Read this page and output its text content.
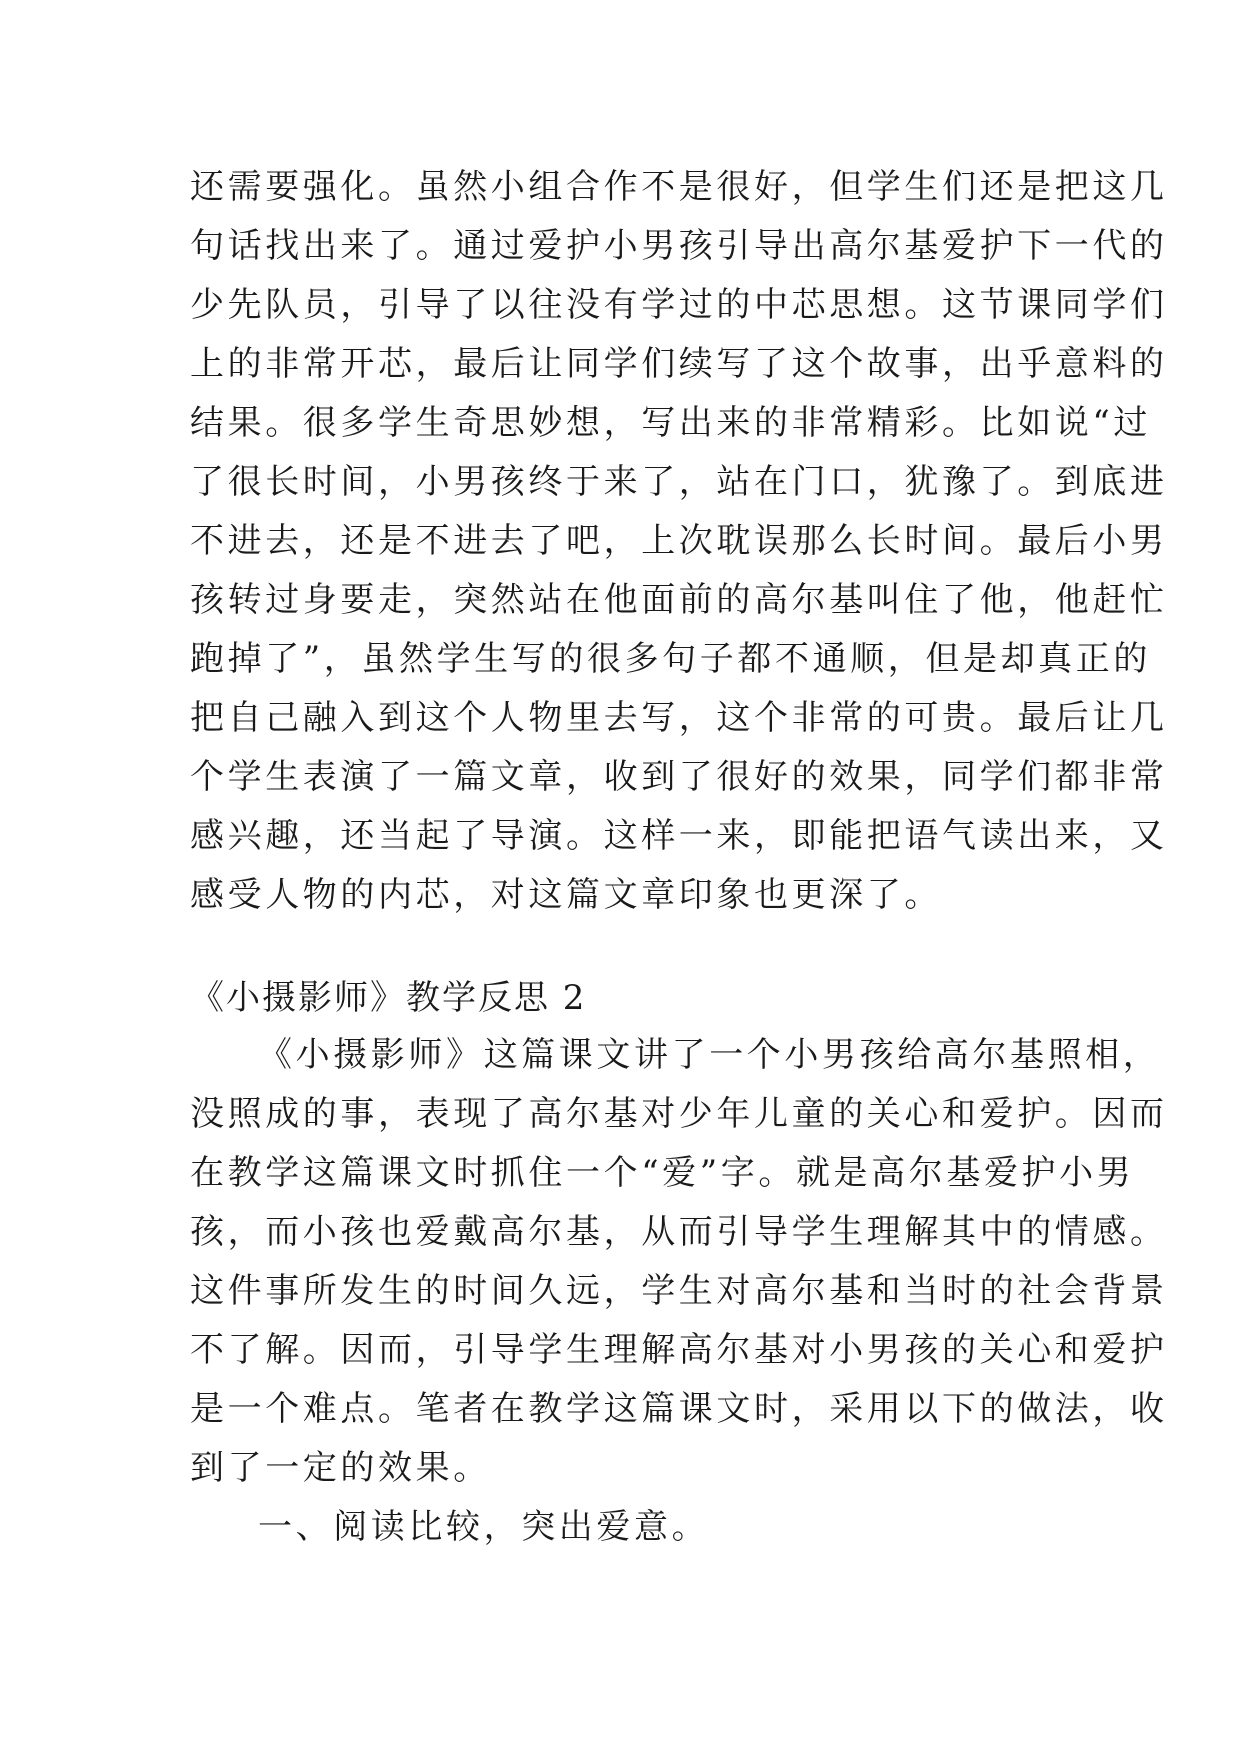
还需要强化。虽然小组合作不是很好，但学生们还是把这几
句话找出来了。通过爱护小男孩引导出高尔基爱护下一代的
少先队员，引导了以往没有学过的中芯思想。这节课同学们
上的非常开芯，最后让同学们续写了这个故事，出乎意料的
结果。很多学生奇思妙想，写出来的非常精彩。比如说“过
了很长时间，小男孩终于来了，站在门口，犹豫了。到底进
不进去，还是不进去了吧，上次耽误那么长时间。最后小男
孩转过身要走，突然站在他面前的高尔基叫住了他，他赶忙
跑掉了”，虽然学生写的很多句子都不通顺，但是却真正的
把自己融入到这个人物里去写，这个非常的可贵。最后让几
个学生表演了一篇文章，收到了很好的效果，同学们都非常
感兴趣，还当起了导演。这样一来，即能把语气读出来，又
感受人物的内芯，对这篇文章印象也更深了。
《小摄影师》教学反思 2
《小摄影师》这篇课文讲了一个小男孩给高尔基照相，
没照成的事，表现了高尔基对少年儿童的关心和爱护。因而
在教学这篇课文时抓住一个“爱”字。就是高尔基爱护小男
孩，而小孩也爱戴高尔基，从而引导学生理解其中的情感。
这件事所发生的时间久远，学生对高尔基和当时的社会背景
不了解。因而，引导学生理解高尔基对小男孩的关心和爱护
是一个难点。笔者在教学这篇课文时，采用以下的做法，收
到了一定的效果。
一、阅读比较，突出爱意。
